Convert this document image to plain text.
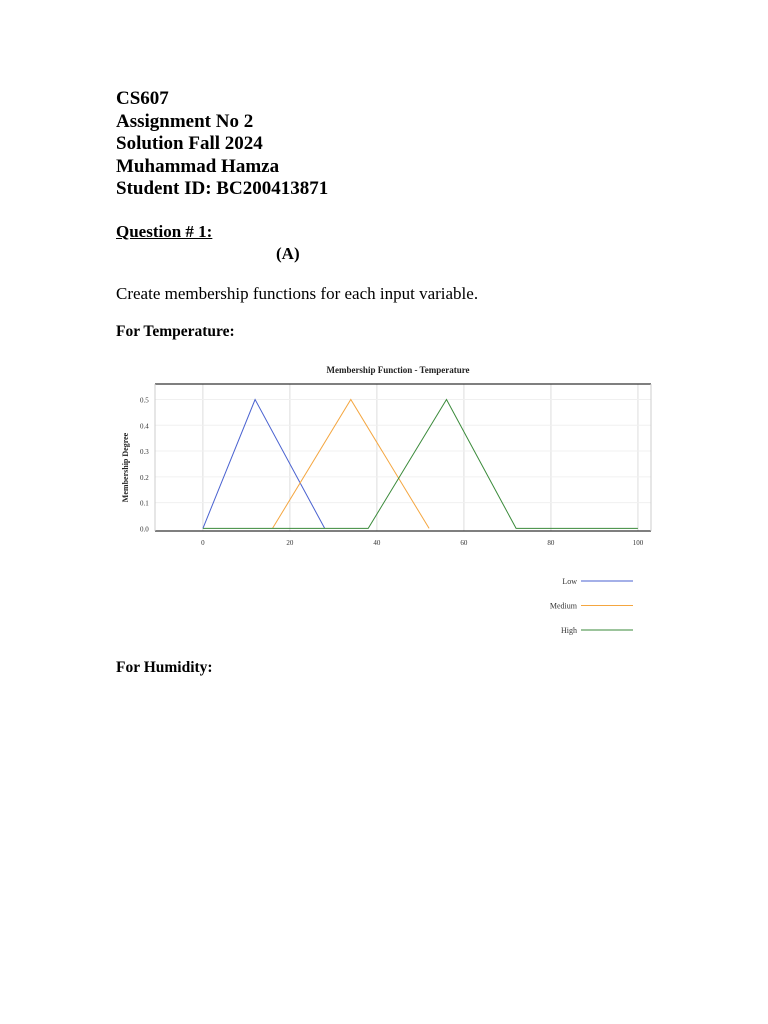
CS607
Assignment No 2
Solution Fall 2024
Muhammad Hamza
Student ID: BC200413871
Question # 1:
(A)
Create membership functions for each input variable.
For Temperature:
Membership Function - Temperature
Membership Degree
0.0
0.1
0.2
0.3
0.4
0.5
0	20	40	60	80	100
Low
Medium
High
For Humidity:
